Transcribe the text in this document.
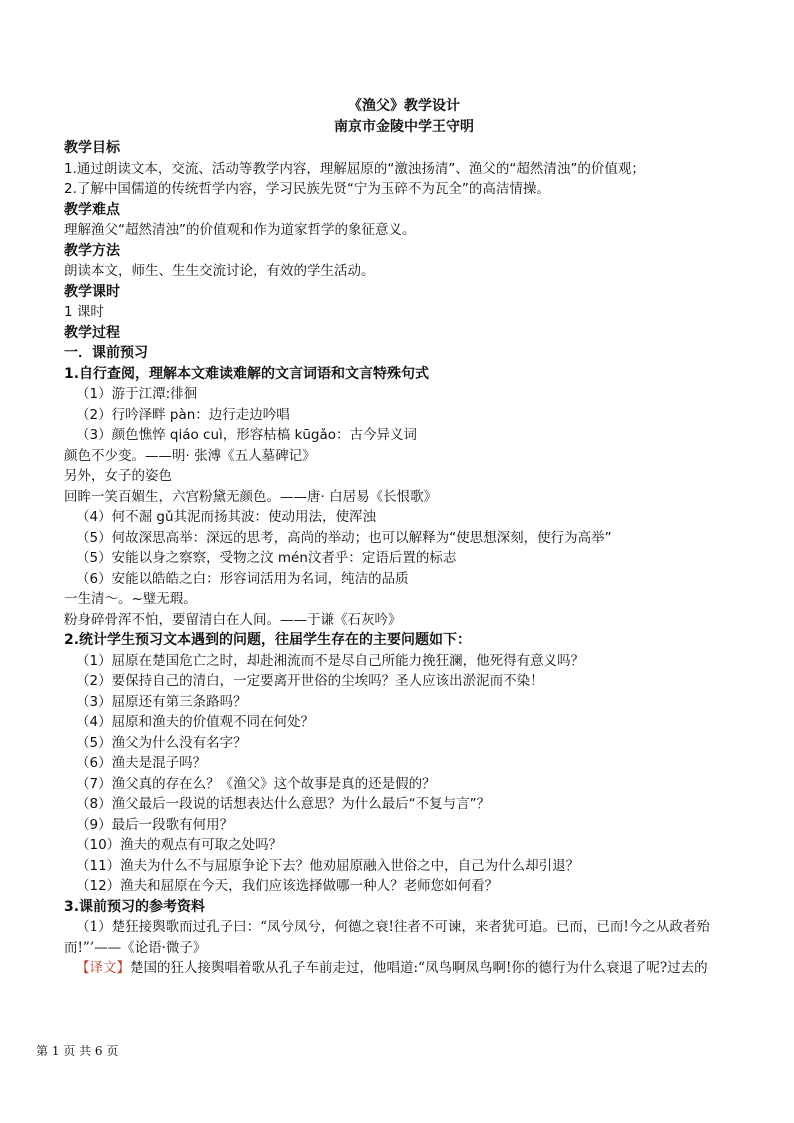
《渔父》教学设计

南京市金陵中学王守明

教学目标

1.通过朗读文本，交流、活动等教学内容，理解屈原的“激浊扬清”、渔父的“超然清浊”的价值观；

2.了解中国儒道的传统哲学内容，学习民族先贤“宁为玉碎不为瓦全”的高洁情操。

教学难点

理解渔父“超然清浊”的价值观和作为道家哲学的象征意义。

教学方法

朗读本文，师生、生生交流讨论，有效的学生活动。

教学课时

1 课时

教学过程

一．课前预习

1.自行查阅，理解本文难读难解的文言词语和文言特殊句式

（1）游于江潭:徘徊

（2）行吟泽畔 pàn：边行走边吟唱

（3）颜色憔悴 qiáo cuì，形容枯槁 kūgǎo：古今异义词

颜色不少变。——明· 张溥《五人墓碑记》

另外，女子的姿色

回眸一笑百媚生，六宫粉黛无颜色。——唐· 白居易《长恨歌》

（4）何不淈 gǔ其泥而扬其波：使动用法，使浑浊

（5）何故深思高举：深远的思考，高尚的举动；也可以解释为“使思想深刻，使行为高举”

（5）安能以身之察察，受物之汶 mén汶者乎：定语后置的标志

（6）安能以皓皓之白：形容词活用为名词，纯洁的品质

一生清～。~璧无瑕。

粉身碎骨浑不怕，要留清白在人间。——于谦《石灰吟》

2.统计学生预习文本遇到的问题，往届学生存在的主要问题如下：

（1）屈原在楚国危亡之时，却赴湘流而不是尽自己所能力挽狂澜，他死得有意义吗？

（2）要保持自己的清白，一定要离开世俗的尘埃吗？圣人应该出淤泥而不染！

（3）屈原还有第三条路吗？

（4）屈原和渔夫的价值观不同在何处？

（5）渔父为什么没有名字？

（6）渔夫是混子吗？

（7）渔父真的存在么？《渔父》这个故事是真的还是假的？

（8）渔父最后一段说的话想表达什么意思？为什么最后“不复与言”？

（9）最后一段歌有何用？

（10）渔夫的观点有可取之处吗？

（11）渔夫为什么不与屈原争论下去？他劝屈原融入世俗之中，自己为什么却引退？

（12）渔夫和屈原在今天，我们应该选择做哪一种人？老师您如何看？

3.课前预习的参考资料

（1）楚狂接舆歌而过孔子曰：“凤兮凤兮，何德之衰!往者不可谏，来者犹可追。已而，已而!今之从政者殆而!”’——《论语·微子》

【译文】楚国的狂人接舆唱着歌从孔子车前走过，他唱道:“凤鸟啊凤鸟啊!你的德行为什么衰退了呢?过去的

第 1 页 共 6 页
